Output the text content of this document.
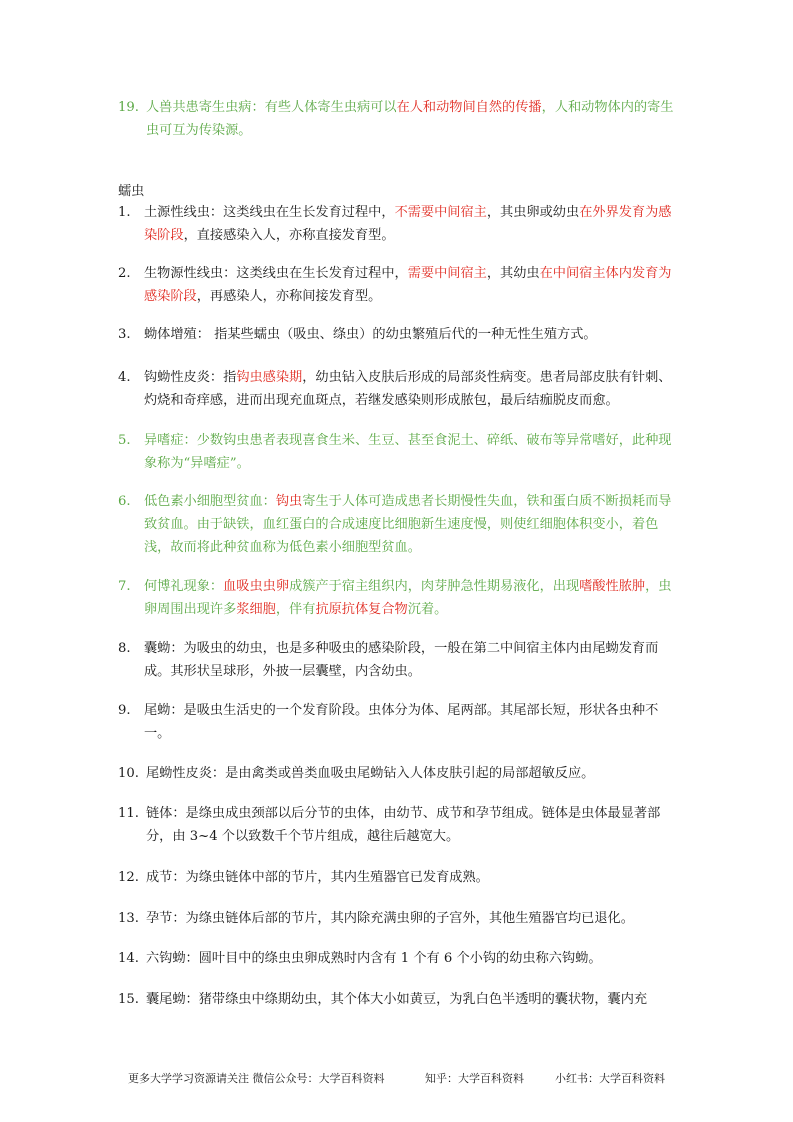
19. 人兽共患寄生虫病：有些人体寄生虫病可以在人和动物间自然的传播，人和动物体内的寄生虫可互为传染源。
蠕虫
1.	土源性线虫：这类线虫在生长发育过程中，不需要中间宿主，其虫卵或幼虫在外界发育为感染阶段，直接感染入人，亦称直接发育型。
2.	生物源性线虫：这类线虫在生长发育过程中，需要中间宿主，其幼虫在中间宿主体内发育为感染阶段，再感染人，亦称间接发育型。
3.	蚴体增殖： 指某些蠕虫（吸虫、绦虫）的幼虫繁殖后代的一种无性生殖方式。
4.	钩蚴性皮炎：指钩虫感染期，幼虫钻入皮肤后形成的局部炎性病变。患者局部皮肤有针刺、灼烧和奇痒感，进而出现充血斑点，若继发感染则形成脓包，最后结痂脱皮而愈。
5.	异嗜症：少数钩虫患者表现喜食生米、生豆、甚至食泥土、碎纸、破布等异常嗜好，此种现象称为“异嗜症”。
6.	低色素小细胞型贫血：钩虫寄生于人体可造成患者长期慢性失血，铁和蛋白质不断损耗而导致贫血。由于缺铁，血红蛋白的合成速度比细胞新生速度慢，则使红细胞体积变小，着色浅，故而将此种贫血称为低色素小细胞型贫血。
7.	何博礼现象：血吸虫虫卵成簇产于宿主组织内，肉芽肿急性期易液化，出现嗜酸性脓肿，虫卵周围出现许多浆细胞，伴有抗原抗体复合物沉着。
8.	囊蚴：为吸虫的幼虫，也是多种吸虫的感染阶段，一般在第二中间宿主体内由尾蚴发育而成。其形状呈球形，外披一层囊壁，内含幼虫。
9.	尾蚴：是吸虫生活史的一个发育阶段。虫体分为体、尾两部。其尾部长短，形状各虫种不一。
10. 尾蚴性皮炎：是由禽类或兽类血吸虫尾蚴钻入人体皮肤引起的局部超敏反应。
11. 链体：是绦虫成虫颈部以后分节的虫体，由幼节、成节和孕节组成。链体是虫体最显著部分，由 3~4 个以致数千个节片组成，越往后越宽大。
12. 成节：为绦虫链体中部的节片，其内生殖器官已发育成熟。
13. 孕节：为绦虫链体后部的节片，其内除充满虫卵的子宫外，其他生殖器官均已退化。
14. 六钩蚴：圆叶目中的绦虫虫卵成熟时内含有 1 个有 6 个小钩的幼虫称六钩蚴。
15. 囊尾蚴：猪带绦虫中绦期幼虫，其个体大小如黄豆，为乳白色半透明的囊状物，囊内充
更多大学学习资源请关注 微信公众号：大学百科资料	知乎：大学百科资料	小红书：大学百科资料
